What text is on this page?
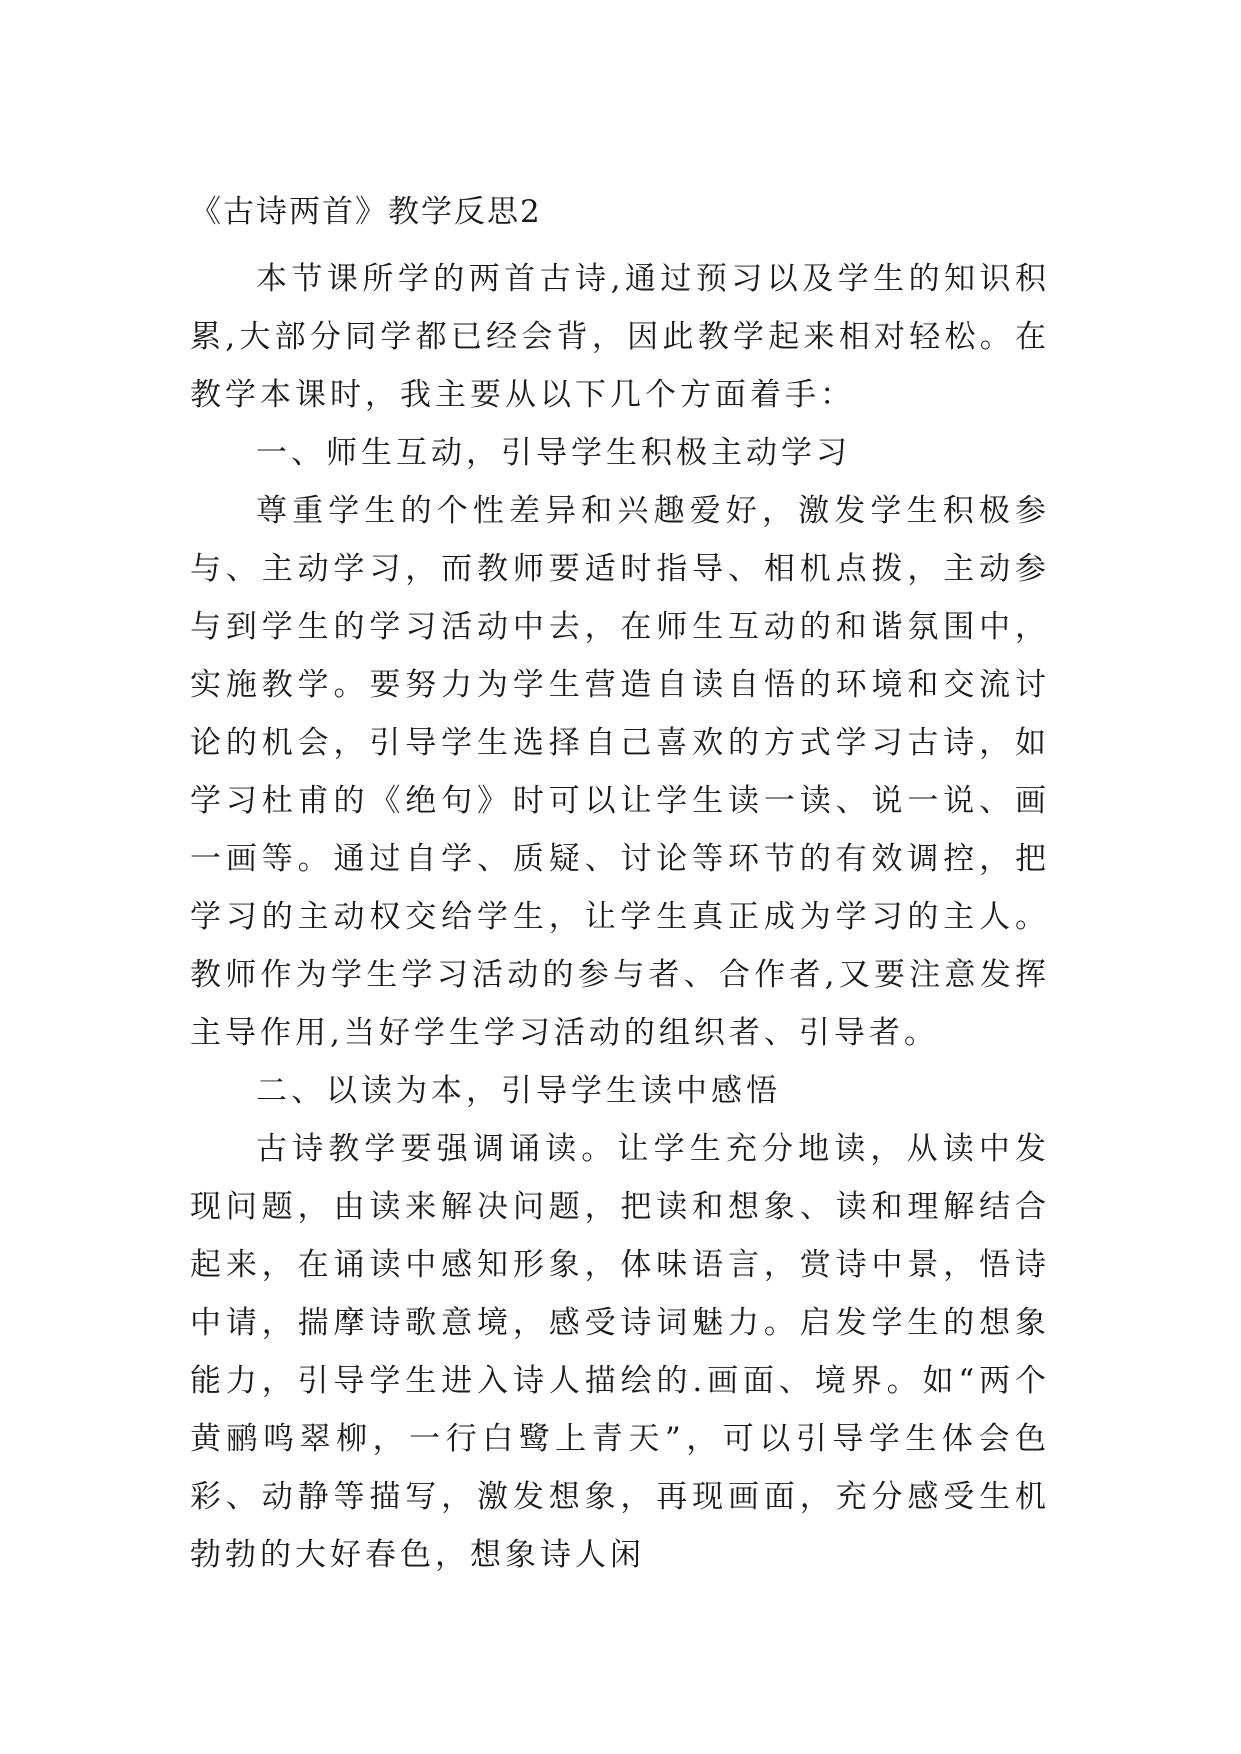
《古诗两首》教学反思2

本节课所学的两首古诗,通过预习以及学生的知识积累,大部分同学都已经会背，因此教学起来相对轻松。在教学本课时，我主要从以下几个方面着手：

一、师生互动，引导学生积极主动学习

尊重学生的个性差异和兴趣爱好，激发学生积极参与、主动学习，而教师要适时指导、相机点拨，主动参与到学生的学习活动中去，在师生互动的和谐氛围中，实施教学。要努力为学生营造自读自悟的环境和交流讨论的机会，引导学生选择自己喜欢的方式学习古诗，如学习杜甫的《绝句》时可以让学生读一读、说一说、画一画等。通过自学、质疑、讨论等环节的有效调控，把学习的主动权交给学生，让学生真正成为学习的主人。教师作为学生学习活动的参与者、合作者,又要注意发挥主导作用,当好学生学习活动的组织者、引导者。

二、以读为本，引导学生读中感悟

古诗教学要强调诵读。让学生充分地读，从读中发现问题，由读来解决问题，把读和想象、读和理解结合起来，在诵读中感知形象，体味语言，赏诗中景，悟诗中请，揣摩诗歌意境，感受诗词魅力。启发学生的想象能力，引导学生进入诗人描绘的.画面、境界。如“两个黄鹂鸣翠柳，一行白鹭上青天”，可以引导学生体会色彩、动静等描写，激发想象，再现画面，充分感受生机勃勃的大好春色，想象诗人闲
